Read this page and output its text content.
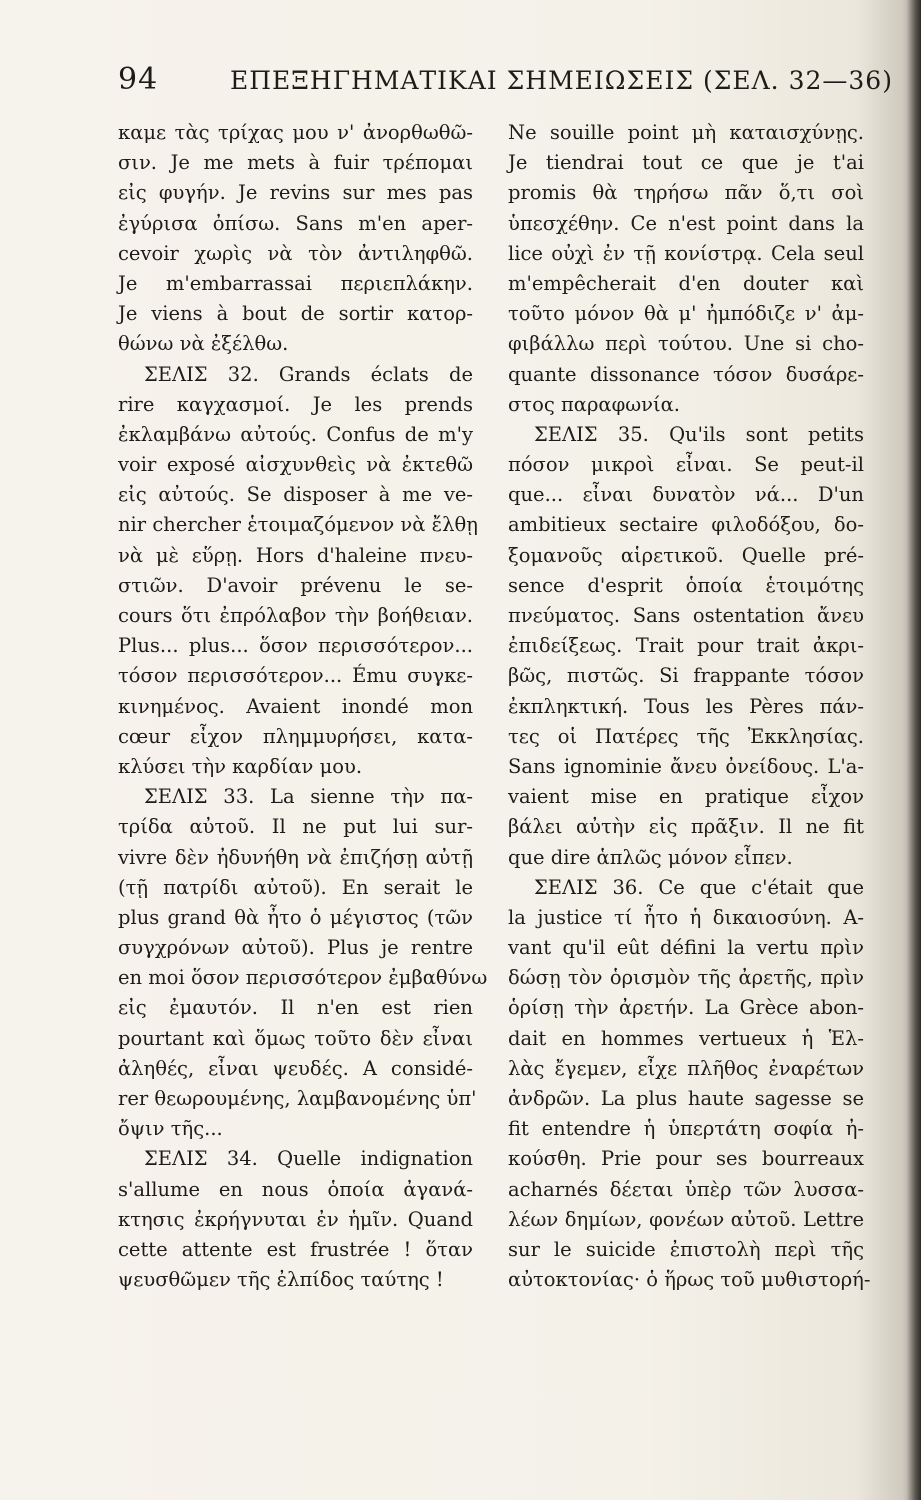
94	ΕΠΕΞΗΓΗΜΑΤΙΚΑΙ ΣΗΜΕΙΩΣΕΙΣ (ΣΕΛ. 32—36)
καμε τὰς τρίχας μου ν' ἀνορθωθῶ-
σιν. Je me mets à fuir τρέπομαι
εἰς φυγήν. Je revins sur mes pas
ἐγύρισα ὀπίσω. Sans m'en aper-
cevoir χωρὶς νὰ τὸν ἀντιληφθῶ.
Je m'embarrassai περιεπλάκην.
Je viens à bout de sortir κατορ-
θώνω νὰ ἐξέλθω.
ΣΕΛΙΣ 32. Grands éclats de
rire καγχασμοί. Je les prends
ἐκλαμβάνω αὐτούς. Confus de m'y
voir exposé αἰσχυνθεὶς νὰ ἐκτεθῶ
εἰς αὐτούς. Se disposer à me ve-
nir chercher ἑτοιμαζόμενον νὰ ἔλθῃ
νὰ μὲ εὕρῃ. Hors d'haleine πνευ-
στιῶν. D'avoir prévenu le se-
cours ὅτι ἐπρόλαβον τὴν βοήθειαν.
Plus... plus... ὅσον περισσότερον...
τόσον περισσότερον... Ému συγκε-
κινημένος. Avaient inondé mon
cœur εἶχον πλημμυρήσει, κατα-
κλύσει τὴν καρδίαν μου.
ΣΕΛΙΣ 33. La sienne τὴν πα-
τρίδα αὐτοῦ. Il ne put lui sur-
vivre δὲν ἠδυνήθη νὰ ἐπιζήσῃ αὐτῇ
(τῇ πατρίδι αὐτοῦ). En serait le
plus grand θὰ ἦτο ὁ μέγιστος (τῶν
συγχρόνων αὐτοῦ). Plus je rentre
en moi ὅσον περισσότερον ἐμβαθύνω
εἰς ἐμαυτόν. Il n'en est rien
pourtant καὶ ὅμως τοῦτο δὲν εἶναι
ἀληθές, εἶναι ψευδές. A considé-
rer θεωρουμένης, λαμβανομένης ὑπ'
ὄψιν τῆς...
ΣΕΛΙΣ 34. Quelle indignation
s'allume en nous ὁποία ἀγανά-
κτησις ἐκρήγνυται ἐν ἡμῖν. Quand
cette attente est frustrée ! ὅταν
ψευσθῶμεν τῆς ἐλπίδος ταύτης !
Ne souille point μὴ καταισχύνῃς.
Je tiendrai tout ce que je t'ai
promis θὰ τηρήσω πᾶν ὅ,τι σοὶ
ὑπεσχέθην. Ce n'est point dans la
lice οὐχὶ ἐν τῇ κονίστρᾳ. Cela seul
m'empêcherait d'en douter καὶ
τοῦτο μόνον θὰ μ' ἠμπόδιζε ν' ἀμ-
φιβάλλω περὶ τούτου. Une si cho-
quante dissonance τόσον δυσάρε-
στος παραφωνία.
ΣΕΛΙΣ 35. Qu'ils sont petits
πόσον μικροὶ εἶναι. Se peut-il
que... εἶναι δυνατὸν νά... D'un
ambitieux sectaire φιλοδόξου, δο-
ξομανοῦς αἱρετικοῦ. Quelle pré-
sence d'esprit ὁποία ἑτοιμότης
πνεύματος. Sans ostentation ἄνευ
ἐπιδείξεως. Trait pour trait ἀκρι-
βῶς, πιστῶς. Si frappante τόσον
ἐκπληκτική. Tous les Pères πάν-
τες οἱ Πατέρες τῆς Ἐκκλησίας.
Sans ignominie ἄνευ ὀνείδους. L'a-
vaient mise en pratique εἶχον
βάλει αὐτὴν εἰς πρᾶξιν. Il ne fit
que dire ἁπλῶς μόνον εἶπεν.
ΣΕΛΙΣ 36. Ce que c'était que
la justice τί ἦτο ἡ δικαιοσύνη. A-
vant qu'il eût défini la vertu πρὶν
δώσῃ τὸν ὁρισμὸν τῆς ἀρετῆς, πρὶν
ὁρίσῃ τὴν ἀρετήν. La Grèce abon-
dait en hommes vertueux ἡ Ἑλ-
λὰς ἔγεμεν, εἶχε πλῆθος ἐναρέτων
ἀνδρῶν. La plus haute sagesse se
fit entendre ἡ ὑπερτάτη σοφία ἠ-
κούσθη. Prie pour ses bourreaux
acharnés δέεται ὑπὲρ τῶν λυσσα-
λέων δημίων, φονέων αὐτοῦ. Lettre
sur le suicide ἐπιστολὴ περὶ τῆς
αὐτοκτονίας· ὁ ἥρως τοῦ μυθιστορή-
